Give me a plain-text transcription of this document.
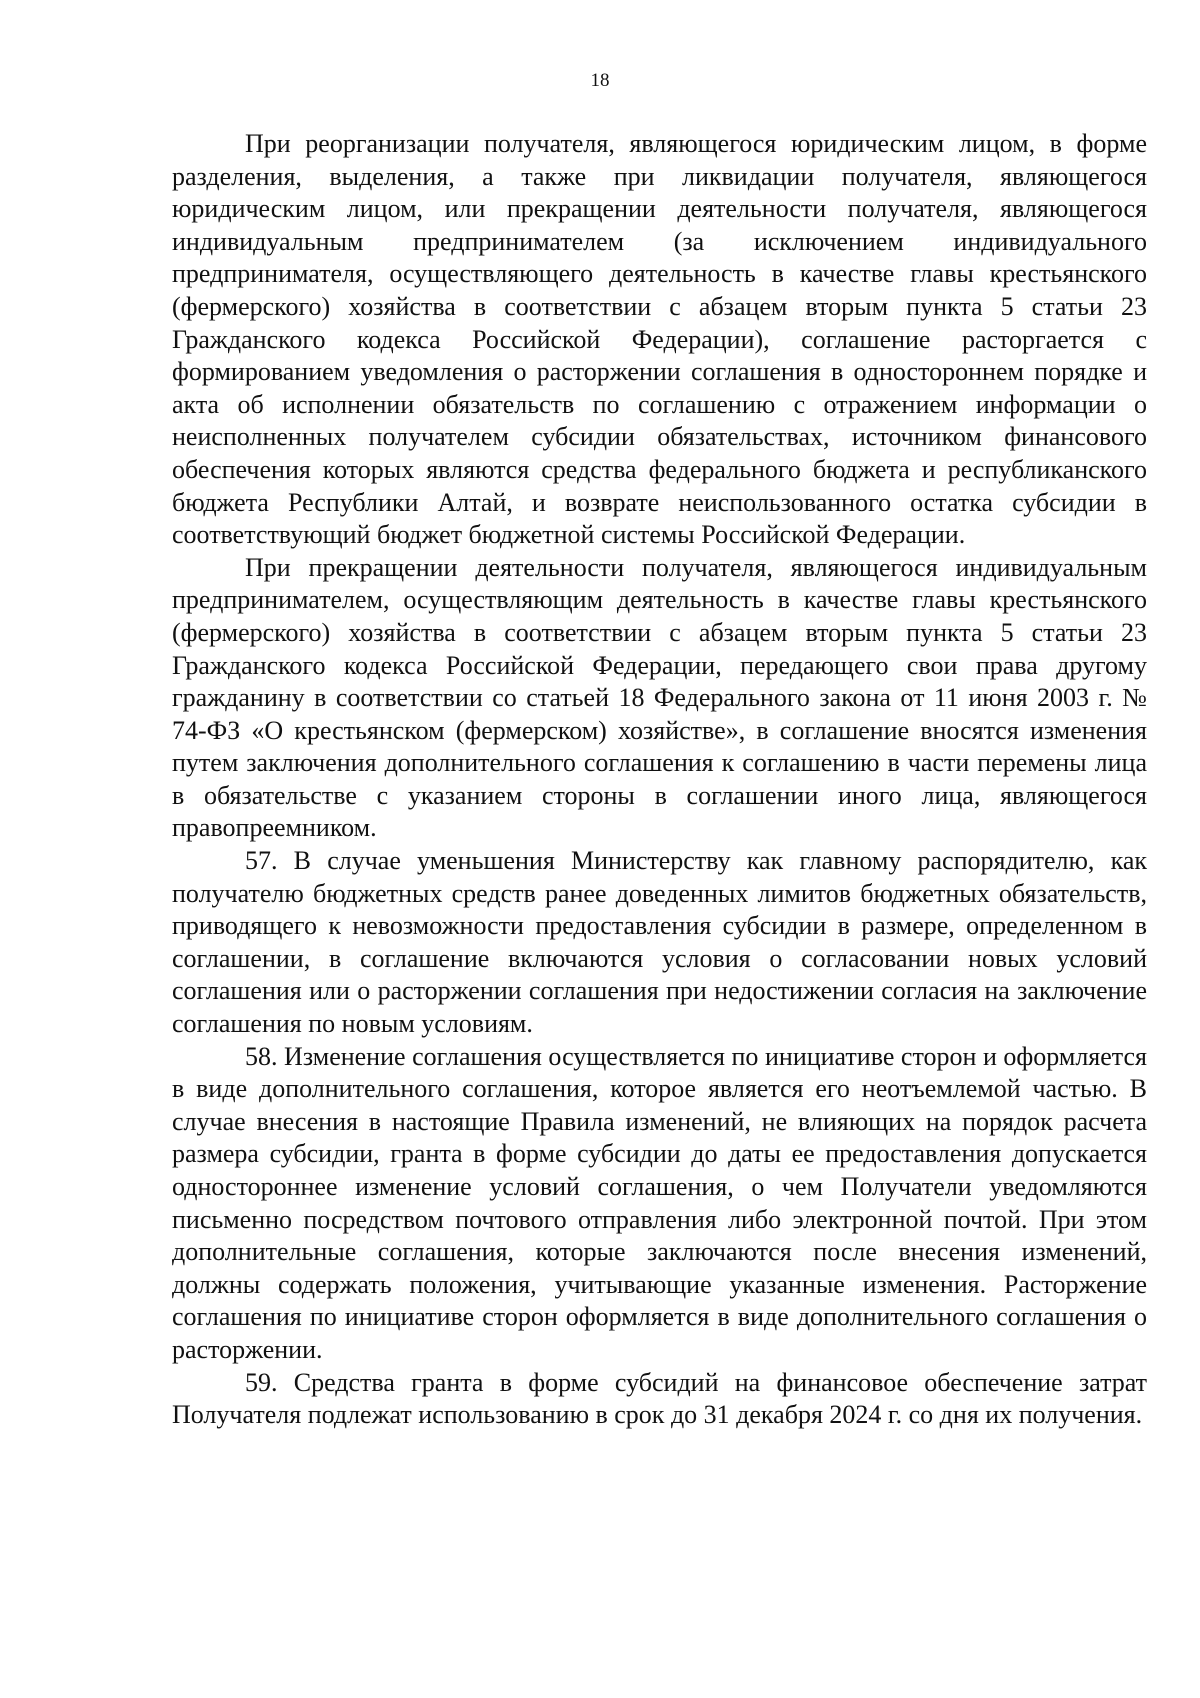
18

При реорганизации получателя, являющегося юридическим лицом, в форме разделения, выделения, а также при ликвидации получателя, являющегося юридическим лицом, или прекращении деятельности получателя, являющегося индивидуальным предпринимателем (за исключением индивидуального предпринимателя, осуществляющего деятельность в качестве главы крестьянского (фермерского) хозяйства в соответствии с абзацем вторым пункта 5 статьи 23 Гражданского кодекса Российской Федерации), соглашение расторгается с формированием уведомления о расторжении соглашения в одностороннем порядке и акта об исполнении обязательств по соглашению с отражением информации о неисполненных получателем субсидии обязательствах, источником финансового обеспечения которых являются средства федерального бюджета и республиканского бюджета Республики Алтай, и возврате неиспользованного остатка субсидии в соответствующий бюджет бюджетной системы Российской Федерации.

При прекращении деятельности получателя, являющегося индивидуальным предпринимателем, осуществляющим деятельность в качестве главы крестьянского (фермерского) хозяйства в соответствии с абзацем вторым пункта 5 статьи 23 Гражданского кодекса Российской Федерации, передающего свои права другому гражданину в соответствии со статьей 18 Федерального закона от 11 июня 2003 г. № 74-ФЗ «О крестьянском (фермерском) хозяйстве», в соглашение вносятся изменения путем заключения дополнительного соглашения к соглашению в части перемены лица в обязательстве с указанием стороны в соглашении иного лица, являющегося правопреемником.

57. В случае уменьшения Министерству как главному распорядителю, как получателю бюджетных средств ранее доведенных лимитов бюджетных обязательств, приводящего к невозможности предоставления субсидии в размере, определенном в соглашении, в соглашение включаются условия о согласовании новых условий соглашения или о расторжении соглашения при недостижении согласия на заключение соглашения по новым условиям.

58. Изменение соглашения осуществляется по инициативе сторон и оформляется в виде дополнительного соглашения, которое является его неотъемлемой частью. В случае внесения в настоящие Правила изменений, не влияющих на порядок расчета размера субсидии, гранта в форме субсидии до даты ее предоставления допускается одностороннее изменение условий соглашения, о чем Получатели уведомляются письменно посредством почтового отправления либо электронной почтой. При этом дополнительные соглашения, которые заключаются после внесения изменений, должны содержать положения, учитывающие указанные изменения. Расторжение соглашения по инициативе сторон оформляется в виде дополнительного соглашения о расторжении.

59. Средства гранта в форме субсидий на финансовое обеспечение затрат Получателя подлежат использованию в срок до 31 декабря 2024 г. со дня их получения.
